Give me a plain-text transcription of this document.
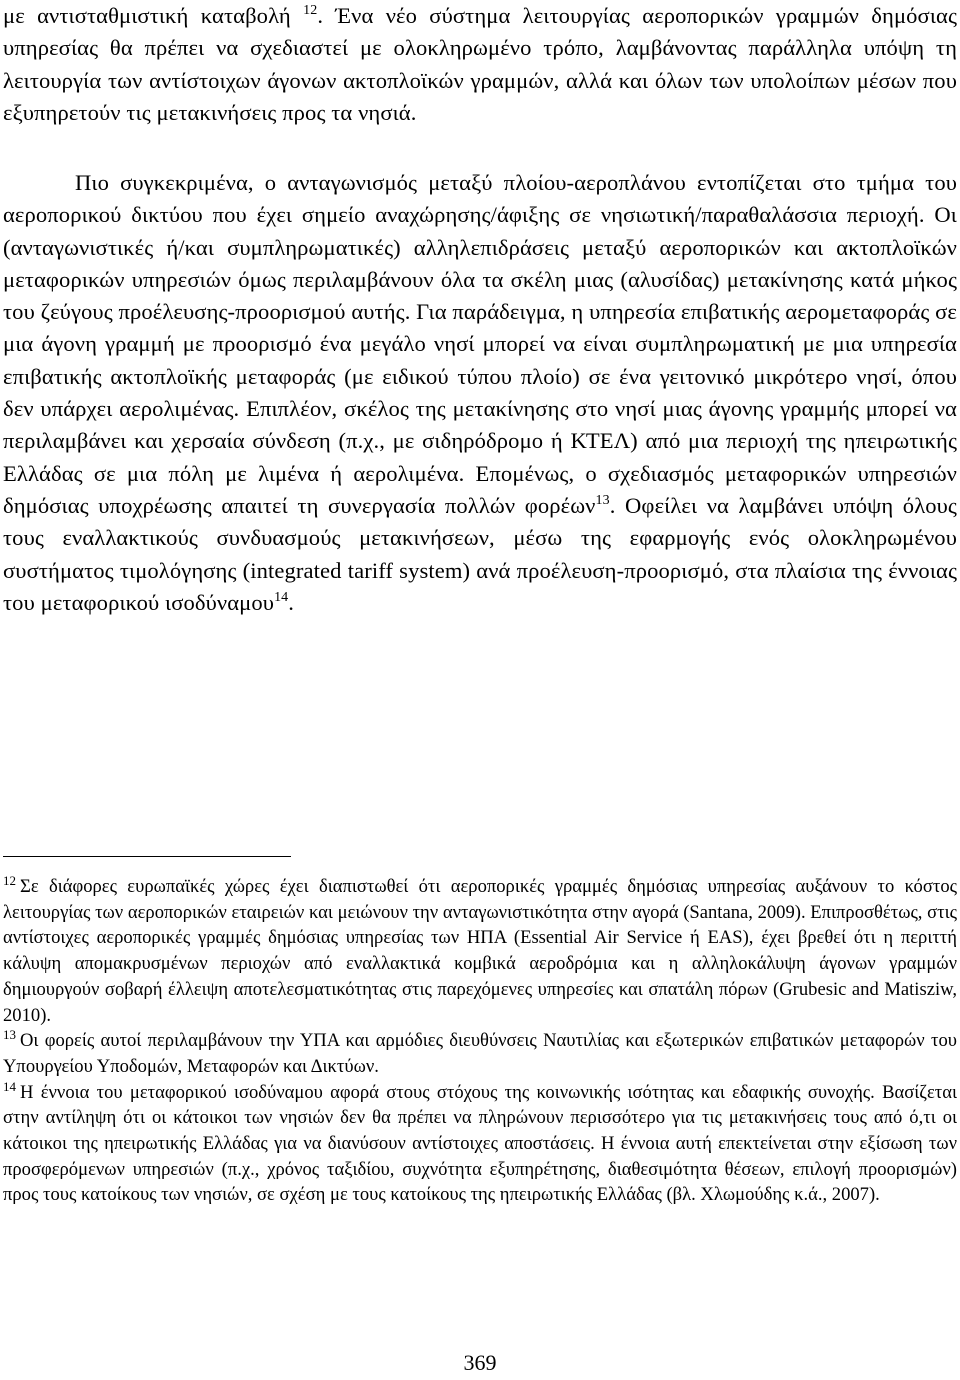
με αντισταθμιστική καταβολή $^{12}$. Ένα νέο σύστημα λειτουργίας αεροπορικών γραμμών δημόσιας υπηρεσίας θα πρέπει να σχεδιαστεί με ολοκληρωμένο τρόπο, λαμβάνοντας παράλληλα υπόψη τη λειτουργία των αντίστοιχων άγονων ακτοπλοϊκών γραμμών, αλλά και όλων των υπολοίπων μέσων που εξυπηρετούν τις μετακινήσεις προς τα νησιά.

Πιο συγκεκριμένα, ο ανταγωνισμός μεταξύ πλοίου-αεροπλάνου εντοπίζεται στο τμήμα του αεροπορικού δικτύου που έχει σημείο αναχώρησης/άφιξης σε νησιωτική/παραθαλάσσια περιοχή. Οι (ανταγωνιστικές ή/και συμπληρωματικές) αλληλεπιδράσεις μεταξύ αεροπορικών και ακτοπλοϊκών μεταφορικών υπηρεσιών όμως περιλαμβάνουν όλα τα σκέλη μιας (αλυσίδας) μετακίνησης κατά μήκος του ζεύγους προέλευσης-προορισμού αυτής. Για παράδειγμα, η υπηρεσία επιβατικής αερομεταφοράς σε μια άγονη γραμμή με προορισμό ένα μεγάλο νησί μπορεί να είναι συμπληρωματική με μια υπηρεσία επιβατικής ακτοπλοϊκής μεταφοράς (με ειδικού τύπου πλοίο) σε ένα γειτονικό μικρότερο νησί, όπου δεν υπάρχει αερολιμένας. Επιπλέον, σκέλος της μετακίνησης στο νησί μιας άγονης γραμμής μπορεί να περιλαμβάνει και χερσαία σύνδεση (π.χ., με σιδηρόδρομο ή ΚΤΕΛ) από μια περιοχή της ηπειρωτικής Ελλάδας σε μια πόλη με λιμένα ή αερολιμένα. Επομένως, ο σχεδιασμός μεταφορικών υπηρεσιών δημόσιας υποχρέωσης απαιτεί τη συνεργασία πολλών φορέων$^{13}$. Οφείλει να λαμβάνει υπόψη όλους τους εναλλακτικούς συνδυασμούς μετακινήσεων, μέσω της εφαρμογής ενός ολοκληρωμένου συστήματος τιμολόγησης (integrated tariff system) ανά προέλευση-προορισμό, στα πλαίσια της έννοιας του μεταφορικού ισοδύναμου$^{14}$.

$^{12}$ Σε διάφορες ευρωπαϊκές χώρες έχει διαπιστωθεί ότι αεροπορικές γραμμές δημόσιας υπηρεσίας αυξάνουν το κόστος λειτουργίας των αεροπορικών εταιρειών και μειώνουν την ανταγωνιστικότητα στην αγορά (Santana, 2009). Επιπροσθέτως, στις αντίστοιχες αεροπορικές γραμμές δημόσιας υπηρεσίας των ΗΠΑ (Essential Air Service ή EAS), έχει βρεθεί ότι η περιττή κάλυψη απομακρυσμένων περιοχών από εναλλακτικά κομβικά αεροδρόμια και η αλληλοκάλυψη άγονων γραμμών δημιουργούν σοβαρή έλλειψη αποτελεσματικότητας στις παρεχόμενες υπηρεσίες και σπατάλη πόρων (Grubesic and Matisziw, 2010).

$^{13}$ Οι φορείς αυτοί περιλαμβάνουν την ΥΠΑ και αρμόδιες διευθύνσεις Ναυτιλίας και εξωτερικών επιβατικών μεταφορών του Υπουργείου Υποδομών, Μεταφορών και Δικτύων.

$^{14}$ Η έννοια του μεταφορικού ισοδύναμου αφορά στους στόχους της κοινωνικής ισότητας και εδαφικής συνοχής. Βασίζεται στην αντίληψη ότι οι κάτοικοι των νησιών δεν θα πρέπει να πληρώνουν περισσότερο για τις μετακινήσεις τους από ό,τι οι κάτοικοι της ηπειρωτικής Ελλάδας για να διανύσουν αντίστοιχες αποστάσεις. Η έννοια αυτή επεκτείνεται στην εξίσωση των προσφερόμενων υπηρεσιών (π.χ., χρόνος ταξιδίου, συχνότητα εξυπηρέτησης, διαθεσιμότητα θέσεων, επιλογή προορισμών) προς τους κατοίκους των νησιών, σε σχέση με τους κατοίκους της ηπειρωτικής Ελλάδας (βλ. Χλωμούδης κ.ά., 2007).

369
